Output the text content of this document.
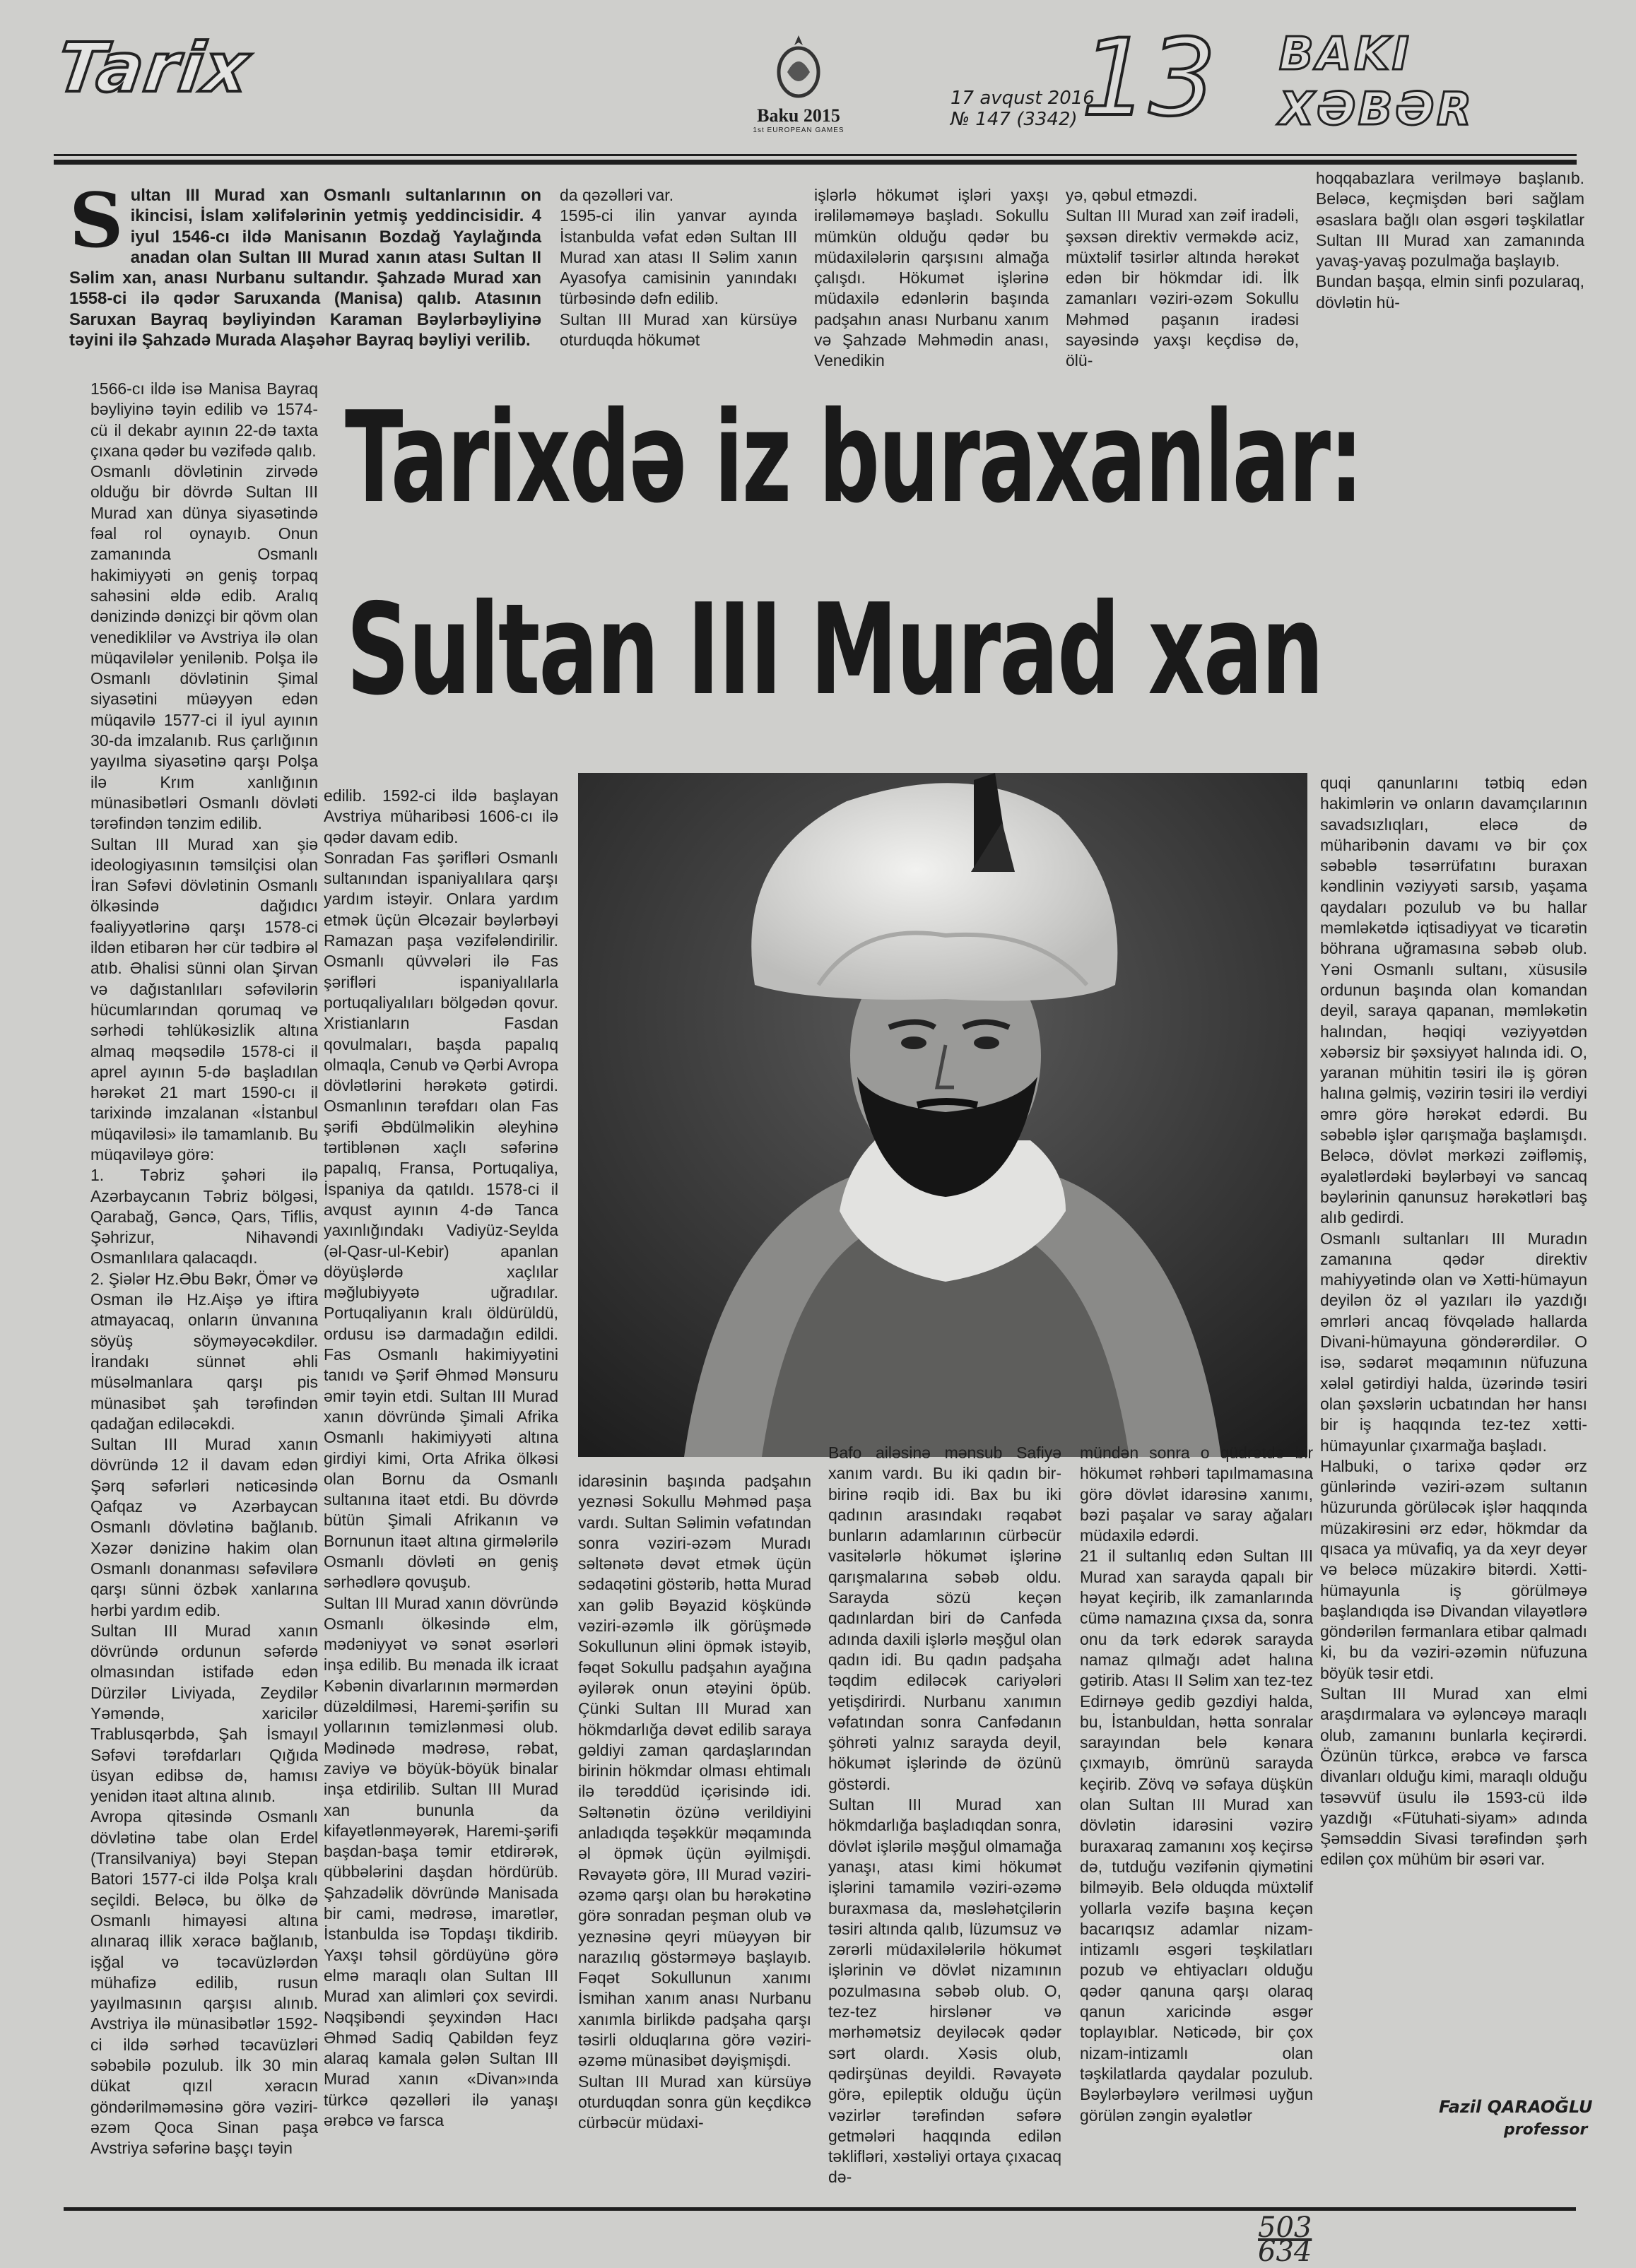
Tarix
Baku 2015
1st EUROPEAN GAMES
17 avqust 2016
№ 147 (3342) 13 BAKI
XƏBƏR
S ultan III Murad xan Osmanlı sultanlarının on ikincisi, İslam xəlifələrinin yetmiş yeddincisidir. 4 iyul 1546-cı ildə Manisanın Bozdağ Yaylağında anadan olan Sultan III Murad xanın atası Sultan II Səlim xan, anası Nurbanu sultandır. Şahzadə Murad xan 1558-ci ilə qədər Saruxanda (Manisa) qalıb. Atasının Saruxan Bayraq bəyliyindən Karaman Bəylərbəyliyinə təyini ilə Şahzadə Murada Alaşəhər Bayraq bəyliyi verilib.
da qəzəlləri var.
1595-ci ilin yanvar ayında İstanbulda vəfat edən Sultan III Murad xan atası II Səlim xanın Ayasofya camisinin yanındakı türbəsində dəfn edilib.
Sultan III Murad xan kürsüyə oturduqda hökumət
işlərlə hökumət işləri yaxşı irəliləməməyə başladı. Sokullu mümkün olduğu qədər bu müdaxilələrin qarşısını almağa çalışdı. Hökumət işlərinə müdaxilə edənlərin başında padşahın anası Nurbanu xanım və Şahzadə Məhmədin anası, Venedikin
yə, qəbul etməzdi.
Sultan III Murad xan zəif iradəli, şəxsən direktiv verməkdə aciz, müxtəlif təsirlər altında hərəkət edən bir hökmdar idi. İlk zamanları vəziri-əzəm Sokullu Məhməd paşanın iradəsi sayəsində yaxşı keçdisə də, ölü-
hoqqabazlara verilməyə başlanıb. Beləcə, keçmişdən bəri sağlam əsaslara bağlı olan əsgəri təşkilatlar Sultan III Murad xan zamanında yavaş-yavaş pozulmağa başlayıb.
Bundan başqa, elmin sinfi pozularaq, dövlətin hü-
Tarixdə iz buraxanlar:
Sultan III Murad xan
1566-cı ildə isə Manisa Bayraq bəyliyinə təyin edilib və 1574-cü il dekabr ayının 22-də taxta çıxana qədər bu vəzifədə qalıb.
Osmanlı dövlətinin zirvədə olduğu bir dövrdə Sultan III Murad xan dünya siyasətində fəal rol oynayıb. Onun zamanında Osmanlı hakimiyyəti ən geniş torpaq sahəsini əldə edib. Aralıq dənizində dənizçi bir qövm olan venediklilər və Avstriya ilə olan müqavilələr yenilənib. Polşa ilə Osmanlı dövlətinin Şimal siyasətini müəyyən edən müqavilə 1577-ci il iyul ayının 30-da imzalanıb. Rus çarlığının yayılma siyasətinə qarşı Polşa ilə Krım xanlığının münasibətləri Osmanlı dövləti tərəfindən tənzim edilib.
Sultan III Murad xan şiə ideologiyasının təmsilçisi olan İran Səfəvi dövlətinin Osmanlı ölkəsində dağıdıcı fəaliyyətlərinə qarşı 1578-ci ildən etibarən hər cür tədbirə əl atıb. Əhalisi sünni olan Şirvan və dağıstanlıları səfəvilərin hücumlarından qorumaq və sərhədi təhlükəsizlik altına almaq məqsədilə 1578-ci il aprel ayının 5-də başladılan hərəkət 21 mart 1590-cı il tarixində imzalanan «İstanbul müqaviləsi» ilə tamamlanıb. Bu müqaviləyə görə:
1. Təbriz şəhəri ilə Azərbaycanın Təbriz bölgəsi, Qarabağ, Gəncə, Qars, Tiflis, Şəhrizur, Nihavəndi Osmanlılara qalacaqdı.
2. Şiələr Hz.Əbu Bəkr, Ömər və Osman ilə Hz.Aişə yə iftira atmayacaq, onların ünvanına söyüş söyməyəcəkdilər. İrandakı sünnət əhli müsəlmanlara qarşı pis münasibət şah tərəfindən qadağan ediləcəkdi.
Sultan III Murad xanın dövründə 12 il davam edən Şərq səfərləri nəticəsində Qafqaz və Azərbaycan Osmanlı dövlətinə bağlanıb. Xəzər dənizinə hakim olan Osmanlı donanması səfəvilərə qarşı sünni özbək xanlarına hərbi yardım edib.
Sultan III Murad xanın dövründə ordunun səfərdə olmasından istifadə edən Dürzilər Liviyada, Zeydilər Yəməndə, xaricilər Trablusqərbdə, Şah İsmayıl Səfəvi tərəfdarları Qığıda üsyan edibsə də, hamısı yenidən itaət altına alınıb.
Avropa qitəsində Osmanlı dövlətinə tabe olan Erdel (Transilvaniya) bəyi Stepan Batori 1577-ci ildə Polşa kralı seçildi. Beləcə, bu ölkə də Osmanlı himayəsi altına alınaraq illik xəracə bağlanıb, işğal və təcavüzlərdən mühafizə edilib, rusun yayılmasının qarşısı alınıb. Avstriya ilə münasibətlər 1592-ci ildə sərhəd təcavüzləri səbəbilə pozulub. İlk 30 min dükat qızıl xəracın göndərilməməsinə görə vəziri-əzəm Qoca Sinan paşa Avstriya səfərinə başçı təyin
edilib. 1592-ci ildə başlayan Avstriya müharibəsi 1606-cı ilə qədər davam edib.
Sonradan Fas şərifləri Osmanlı sultanından ispaniyalılara qarşı yardım istəyir. Onlara yardım etmək üçün Əlcəzair bəylərbəyi Ramazan paşa vəzifələndirilir. Osmanlı qüvvələri ilə Fas şərifləri ispaniyalılarla portuqaliyalıları bölgədən qovur. Xristianların Fasdan qovulmaları, başda papalıq olmaqla, Cənub və Qərbi Avropa dövlətlərini hərəkətə gətirdi. Osmanlının tərəfdarı olan Fas şərifi Əbdülməlikin əleyhinə tərtiblənən xaçlı səfərinə papalıq, Fransa, Portuqaliya, İspaniya da qatıldı. 1578-ci il avqust ayının 4-də Tanca yaxınlığındakı Vadiyüz-Seylda (əl-Qasr-ul-Kebir) apanlan döyüşlərdə xaçlılar məğlubiyyətə uğradılar. Portuqaliyanın kralı öldürüldü, ordusu isə darmadağın edildi. Fas Osmanlı hakimiyyətini tanıdı və Şərif Əhməd Mənsuru əmir təyin etdi. Sultan III Murad xanın dövründə Şimali Afrika Osmanlı hakimiyyəti altına girdiyi kimi, Orta Afrika ölkəsi olan Bornu da Osmanlı sultanına itaət etdi. Bu dövrdə bütün Şimali Afrikanın və Bornunun itaət altına girmələrilə Osmanlı dövləti ən geniş sərhədlərə qovuşub.
Sultan III Murad xanın dövründə Osmanlı ölkəsində elm, mədəniyyət və sənət əsərləri inşa edilib. Bu mənada ilk icraat Kəbənin divarlarının mərmərdən düzəldilməsi, Haremi-şərifin su yollarının təmizlənməsi olub. Mədinədə mədrəsə, rəbat, zaviyə və böyük-böyük binalar inşa etdirilib. Sultan III Murad xan bununla da kifayətlənməyərək, Haremi-şərifi başdan-başa təmir etdirərək, qübbələrini daşdan hördürüb. Şahzadəlik dövründə Manisada bir cami, mədrəsə, imarətlər, İstanbulda isə Topdaşı tikdirib. Yaxşı təhsil gördüyünə görə elmə maraqlı olan Sultan III Murad xan alimləri çox sevirdi. Nəqşibəndi şeyxindən Hacı Əhməd Sadiq Qabildən feyz alaraq kamala gələn Sultan III Murad xanın «Divan»ında türkcə qəzəlləri ilə yanaşı ərəbcə və farsca
idarəsinin başında padşahın yeznəsi Sokullu Məhməd paşa vardı. Sultan Səlimin vəfatından sonra vəziri-əzəm Muradı səltənətə dəvət etmək üçün sədaqətini göstərib, hətta Murad xan gəlib Bəyazid köşkündə vəziri-əzəmlə ilk görüşmədə Sokullunun əlini öpmək istəyib, fəqət Sokullu padşahın ayağına əyilərək onun ətəyini öpüb. Çünki Sultan III Murad xan hökmdarlığa dəvət edilib saraya gəldiyi zaman qardaşlarından birinin hökmdar olması ehtimalı ilə tərəddüd içərisində idi. Səltənətin özünə verildiyini anladıqda təşəkkür məqamında əl öpmək üçün əyilmişdi. Rəvayətə görə, III Murad vəziri-əzəmə qarşı olan bu hərəkətinə görə sonradan peşman olub və yeznəsinə qeyri müəyyən bir narazılıq göstərməyə başlayıb. Fəqət Sokullunun xanımı İsmihan xanım anası Nurbanu xanımla birlikdə padşaha qarşı təsirli olduqlarına görə vəziri-əzəmə münasibət dəyişmişdi.
Sultan III Murad xan kürsüyə oturduqdan sonra gün keçdikcə cürbəcür müdaxi-
Bafo ailəsinə mənsub Safiyə xanım vardı. Bu iki qadın bir-birinə rəqib idi. Bax bu iki qadının arasındakı rəqabət bunların adamlarının cürbəcür vasitələrlə hökumət işlərinə qarışmalarına səbəb oldu. Sarayda sözü keçən qadınlardan biri də Canfəda adında daxili işlərlə məşğul olan qadın idi. Bu qadın padşaha təqdim ediləcək cariyələri yetişdirirdi. Nurbanu xanımın vəfatından sonra Canfədanın şöhrəti yalnız sarayda deyil, hökumət işlərində də özünü göstərdi.
Sultan III Murad xan hökmdarlığa başladıqdan sonra, dövlət işlərilə məşğul olmamağa yanaşı, atası kimi hökumət işlərini tamamilə vəziri-əzəmə buraxmasa da, məsləhətçilərin təsiri altında qalıb, lüzumsuz və zərərli müdaxilələrilə hökumət işlərinin və dövlət nizamının pozulmasına səbəb olub. O, tez-tez hirslənər və mərhəmətsiz deyiləcək qədər sərt olardı. Xəsis olub, qədirşünas deyildi. Rəvayətə görə, epileptik olduğu üçün vəzirlər tərəfindən səfərə getmələri haqqında edilən təklifləri, xəstəliyi ortaya çıxacaq də-
mündən sonra o qüdrətdə bir hökumət rəhbəri tapılmamasına görə dövlət idarəsinə xanımı, bəzi paşalar və saray ağaları müdaxilə edərdi.
21 il sultanlıq edən Sultan III Murad xan sarayda qapalı bir həyat keçirib, ilk zamanlarında cümə namazına çıxsa da, sonra onu da tərk edərək sarayda namaz qılmağı adət halına gətirib. Atası II Səlim xan tez-tez Edirnəyə gedib gəzdiyi halda, bu, İstanbuldan, hətta sonralar sarayından belə kənara çıxmayıb, ömrünü sarayda keçirib. Zövq və səfaya düşkün olan Sultan III Murad xan dövlətin idarəsini vəzirə buraxaraq zamanını xoş keçirsə də, tutduğu vəzifənin qiymətini bilməyib. Belə olduqda müxtəlif yollarla vəzifə başına keçən bacarıqsız adamlar nizam-intizamlı əsgəri təşkilatları pozub və ehtiyacları olduğu qədər qanuna qarşı olaraq qanun xaricində əsgər toplayıblar. Nəticədə, bir çox nizam-intizamlı olan təşkilatlarda qaydalar pozulub. Bəylərbəylərə verilməsi uyğun görülən zəngin əyalətlər
quqi qanunlarını tətbiq edən hakimlərin və onların davamçılarının savadsızlıqları, eləcə də müharibənin davamı və bir çox səbəblə təsərrüfatını buraxan kəndlinin vəziyyəti sarsıb, yaşama qaydaları pozulub və bu hallar məmləkətdə iqtisadiyyat və ticarətin böhrana uğramasına səbəb olub. Yəni Osmanlı sultanı, xüsusilə ordunun başında olan komandan deyil, saraya qapanan, məmləkətin halından, həqiqi vəziyyətdən xəbərsiz bir şəxsiyyət halında idi. O, yaranan mühitin təsiri ilə iş görən halına gəlmiş, vəzirin təsiri ilə verdiyi əmrə görə hərəkət edərdi. Bu səbəblə işlər qarışmağa başlamışdı. Beləcə, dövlət mərkəzi zəifləmiş, əyalətlərdəki bəylərbəyi və sancaq bəylərinin qanunsuz hərəkətləri baş alıb gedirdi.
Osmanlı sultanları III Muradın zamanına qədər direktiv mahiyyətində olan və Xətti-hümayun deyilən öz əl yazıları ilə yazdığı əmrləri ancaq fövqəladə hallarda Divani-hümayuna göndərərdilər. O isə, sədarət məqamının nüfuzuna xələl gətirdiyi halda, üzərində təsiri olan şəxslərin ucbatından hər hansı bir iş haqqında tez-tez xətti-hümayunlar çıxarmağa başladı.
Halbuki, o tarixə qədər ərz günlərində vəziri-əzəm sultanın hüzurunda görüləcək işlər haqqında müzakirəsini ərz edər, hökmdar da qısaca ya müvafiq, ya da xeyr deyər və beləcə müzakirə bitərdi. Xətti-hümayunla iş görülməyə başlandıqda isə Divandan vilayətlərə göndərilən fərmanlara etibar qalmadı ki, bu da vəziri-əzəmin nüfuzuna böyük təsir etdi.
Sultan III Murad xan elmi araşdırmalara və əyləncəyə maraqlı olub, zamanını bunlarla keçirərdi. Özünün türkcə, ərəbcə və farsca divanları olduğu kimi, maraqlı olduğu təsəvvüf üsulu ilə 1593-cü ildə yazdığı «Fütuhati-siyam» adında Şəmsəddin Sivasi tərəfindən şərh edilən çox mühüm bir əsəri var.
Fazil QARAOĞLU
professor
503
634
